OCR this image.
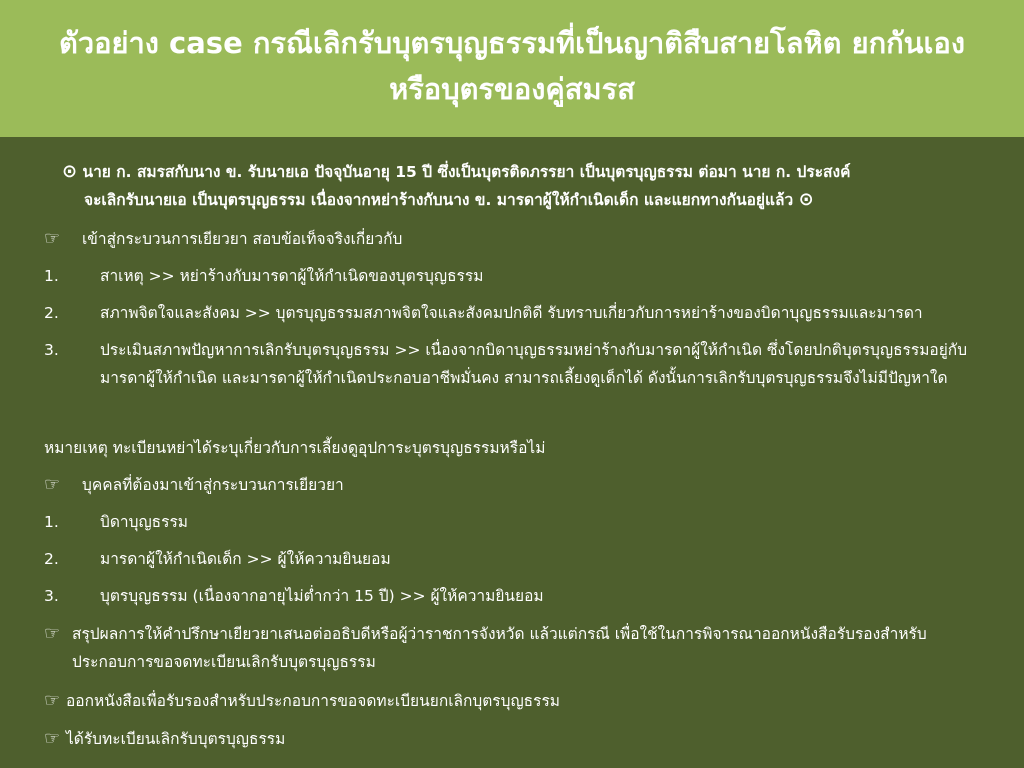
ตัวอย่าง case กรณีเลิกรับบุตรบุญธรรมที่เป็นญาติสืบสายโลหิต ยกกันเอง
หรือบุตรของคู่สมรส
⊙ นาย ก. สมรสกับนาง ข. รับนายเอ ปัจจุบันอายุ 15 ปี ซึ่งเป็นบุตรติดภรรยา เป็นบุตรบุญธรรม ต่อมา นาย ก. ประสงค์
จะเลิกรับนายเอ เป็นบุตรบุญธรรม เนื่องจากหย่าร้างกับนาง ข. มารดาผู้ให้กำเนิดเด็ก และแยกทางกันอยู่แล้ว ⊙
☞ เข้าสู่กระบวนการเยียวยา สอบข้อเท็จจริงเกี่ยวกับ
1.	สาเหตุ >> หย่าร้างกับมารดาผู้ให้กำเนิดของบุตรบุญธรรม
2.	สภาพจิตใจและสังคม >> บุตรบุญธรรมสภาพจิตใจและสังคมปกติดี รับทราบเกี่ยวกับการหย่าร้างของบิดาบุญธรรมและมารดา
3.	ประเมินสภาพปัญหาการเลิกรับบุตรบุญธรรม >> เนื่องจากบิดาบุญธรรมหย่าร้างกับมารดาผู้ให้กำเนิด ซึ่งโดยปกติบุตรบุญธรรมอยู่กับมารดาผู้ให้กำเนิด และมารดาผู้ให้กำเนิดประกอบอาชีพมั่นคง สามารถเลี้ยงดูเด็กได้ ดังนั้นการเลิกรับบุตรบุญธรรมจึงไม่มีปัญหาใด
หมายเหตุ ทะเบียนหย่าได้ระบุเกี่ยวกับการเลี้ยงดูอุปการะบุตรบุญธรรมหรือไม่
☞ บุคคลที่ต้องมาเข้าสู่กระบวนการเยียวยา
1.	บิดาบุญธรรม
2.	มารดาผู้ให้กำเนิดเด็ก >> ผู้ให้ความยินยอม
3.	บุตรบุญธรรม (เนื่องจากอายุไม่ต่ำกว่า 15 ปี) >> ผู้ให้ความยินยอม
☞ สรุปผลการให้คำปรึกษาเยียวยาเสนอต่ออธิบดีหรือผู้ว่าราชการจังหวัด แล้วแต่กรณี เพื่อใช้ในการพิจารณาออกหนังสือรับรองสำหรับประกอบการขอจดทะเบียนเลิกรับบุตรบุญธรรม
☞ ออกหนังสือเพื่อรับรองสำหรับประกอบการขอจดทะเบียนยกเลิกบุตรบุญธรรม
☞ ได้รับทะเบียนเลิกรับบุตรบุญธรรม
